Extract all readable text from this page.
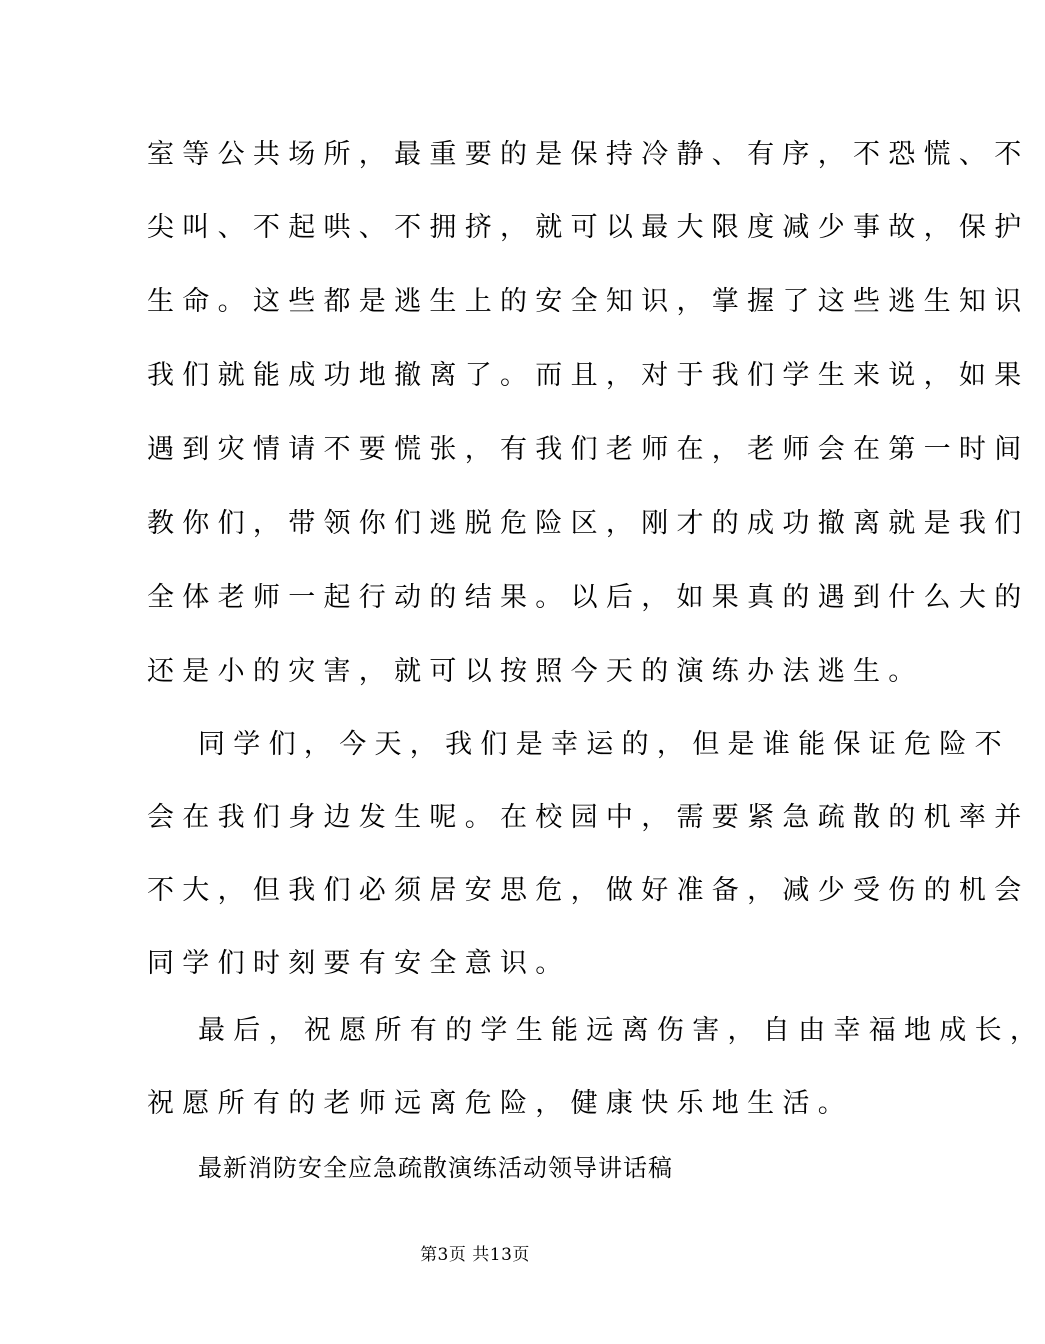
室等公共场所，最重要的是保持冷静、有序，不恐慌、不
尖叫、不起哄、不拥挤，就可以最大限度减少事故，保护
生命。这些都是逃生上的安全知识，掌握了这些逃生知识
我们就能成功地撤离了。而且，对于我们学生来说，如果
遇到灾情请不要慌张，有我们老师在，老师会在第一时间
教你们，带领你们逃脱危险区，刚才的成功撤离就是我们
全体老师一起行动的结果。以后，如果真的遇到什么大的
还是小的灾害，就可以按照今天的演练办法逃生。
同学们，今天，我们是幸运的，但是谁能保证危险不
会在我们身边发生呢。在校园中，需要紧急疏散的机率并
不大，但我们必须居安思危，做好准备，减少受伤的机会
同学们时刻要有安全意识。
最后，祝愿所有的学生能远离伤害，自由幸福地成长，
祝愿所有的老师远离危险，健康快乐地生活。
最新消防安全应急疏散演练活动领导讲话稿
第3页 共13页
